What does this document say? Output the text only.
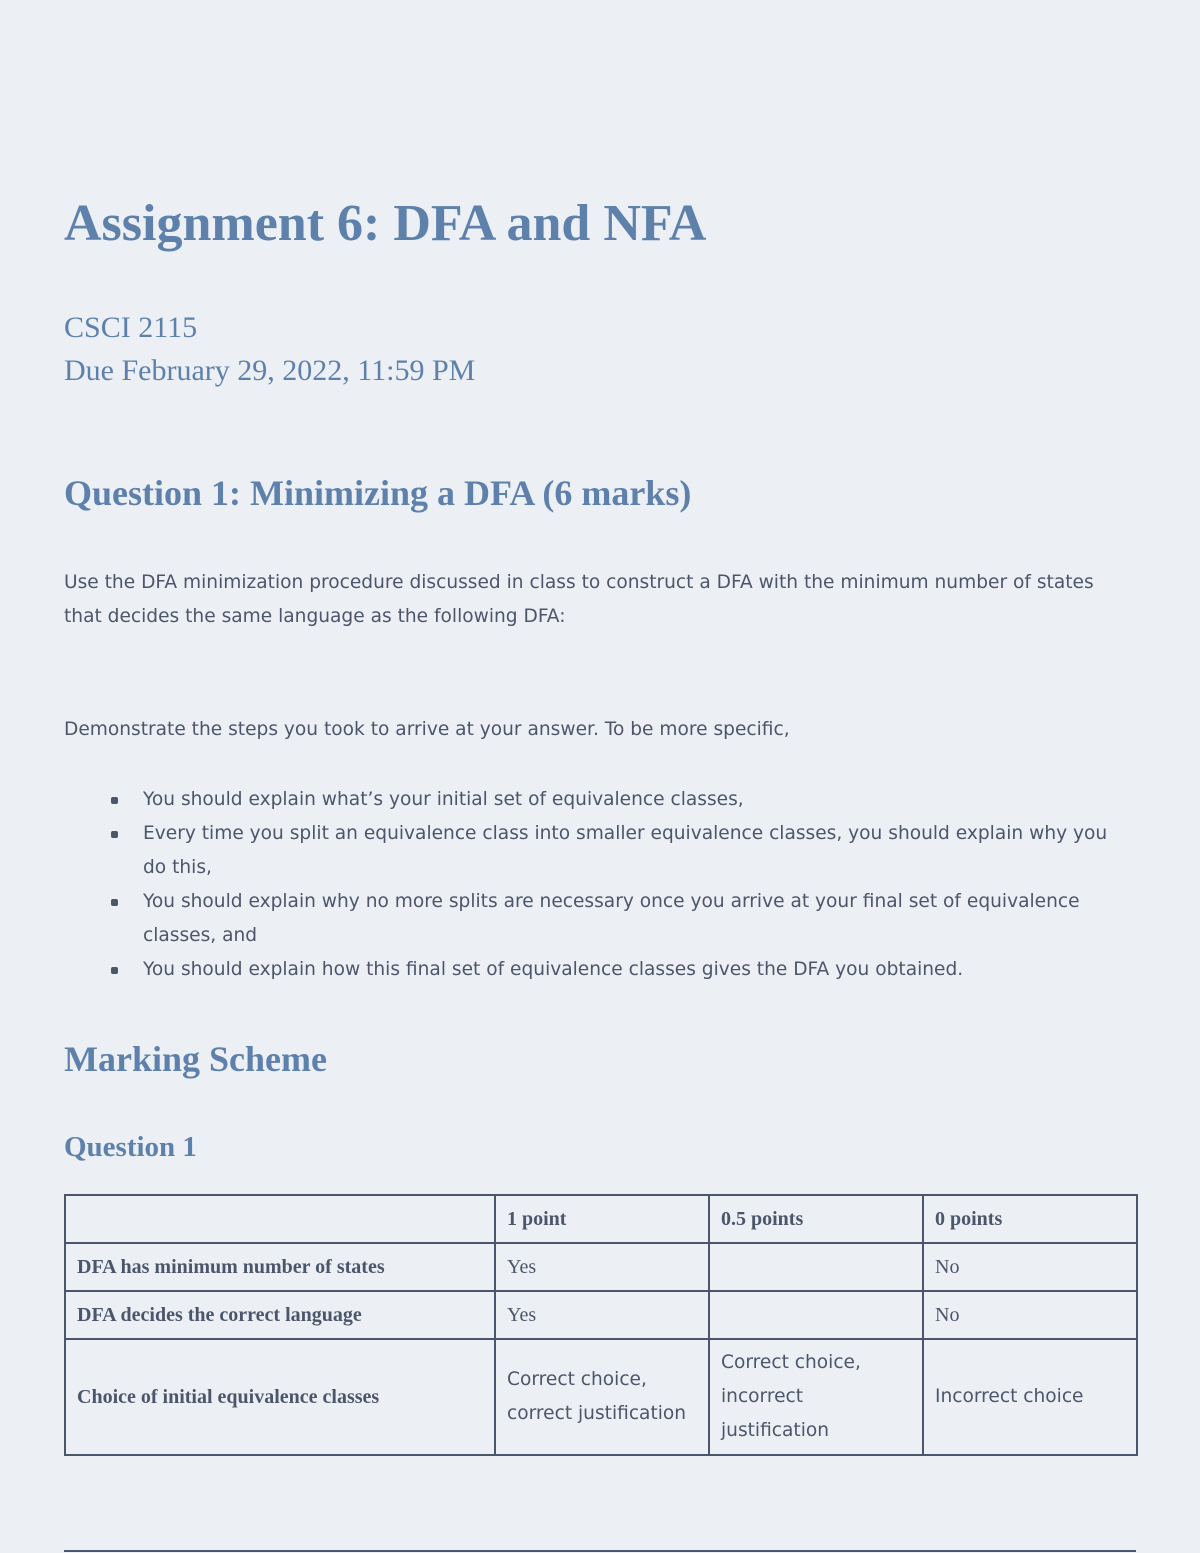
Assignment 6: DFA and NFA

CSCI 2115

Due February 29, 2022, 11:59 PM

Question 1: Minimizing a DFA (6 marks)

Use the DFA minimization procedure discussed in class to construct a DFA with the minimum number of states that decides the same language as the following DFA:

Demonstrate the steps you took to arrive at your answer. To be more specific,

You should explain what’s your initial set of equivalence classes,
Every time you split an equivalence class into smaller equivalence classes, you should explain why you do this,
You should explain why no more splits are necessary once you arrive at your final set of equivalence classes, and
You should explain how this final set of equivalence classes gives the DFA you obtained.
Marking Scheme
Question 1
	1 point	0.5 points	0 points
DFA has minimum number of states	Yes		No
DFA decides the correct language	Yes		No
Choice of initial equivalence classes	Correct choice, correct justification	Correct choice, incorrect justification	Incorrect choice
